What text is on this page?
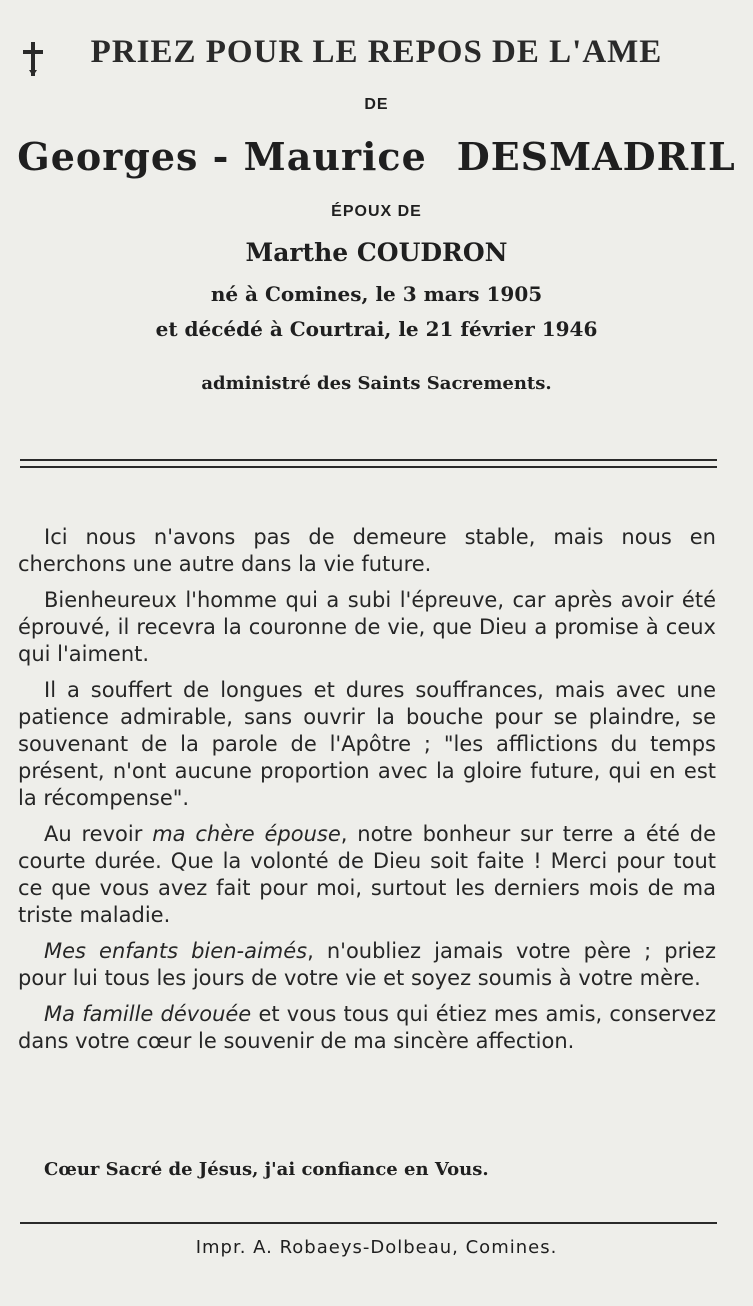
PRIEZ POUR LE REPOS DE L'AME
DE
Georges - Maurice DESMADRIL
ÉPOUX DE
Marthe COUDRON
né à Comines, le 3 mars 1905
et décédé à Courtrai, le 21 février 1946
administré des Saints Sacrements.

Ici nous n'avons pas de demeure stable, mais nous en cherchons une autre dans la vie future.

Bienheureux l'homme qui a subi l'épreuve, car après avoir été éprouvé, il recevra la couronne de vie, que Dieu a promise à ceux qui l'aiment.

Il a souffert de longues et dures souffrances, mais avec une patience admirable, sans ouvrir la bouche pour se plaindre, se souvenant de la parole de l'Apôtre ; "les afflictions du temps présent, n'ont aucune proportion avec la gloire future, qui en est la récompense".

Au revoir ma chère épouse, notre bonheur sur terre a été de courte durée. Que la volonté de Dieu soit faite ! Merci pour tout ce que vous avez fait pour moi, surtout les derniers mois de ma triste maladie.

Mes enfants bien-aimés, n'oubliez jamais votre père ; priez pour lui tous les jours de votre vie et soyez soumis à votre mère.

Ma famille dévouée et vous tous qui étiez mes amis, conservez dans votre cœur le souvenir de ma sincère affection.

Cœur Sacré de Jésus, j'ai confiance en Vous.
Impr. A. Robaeys-Dolbeau, Comines.
